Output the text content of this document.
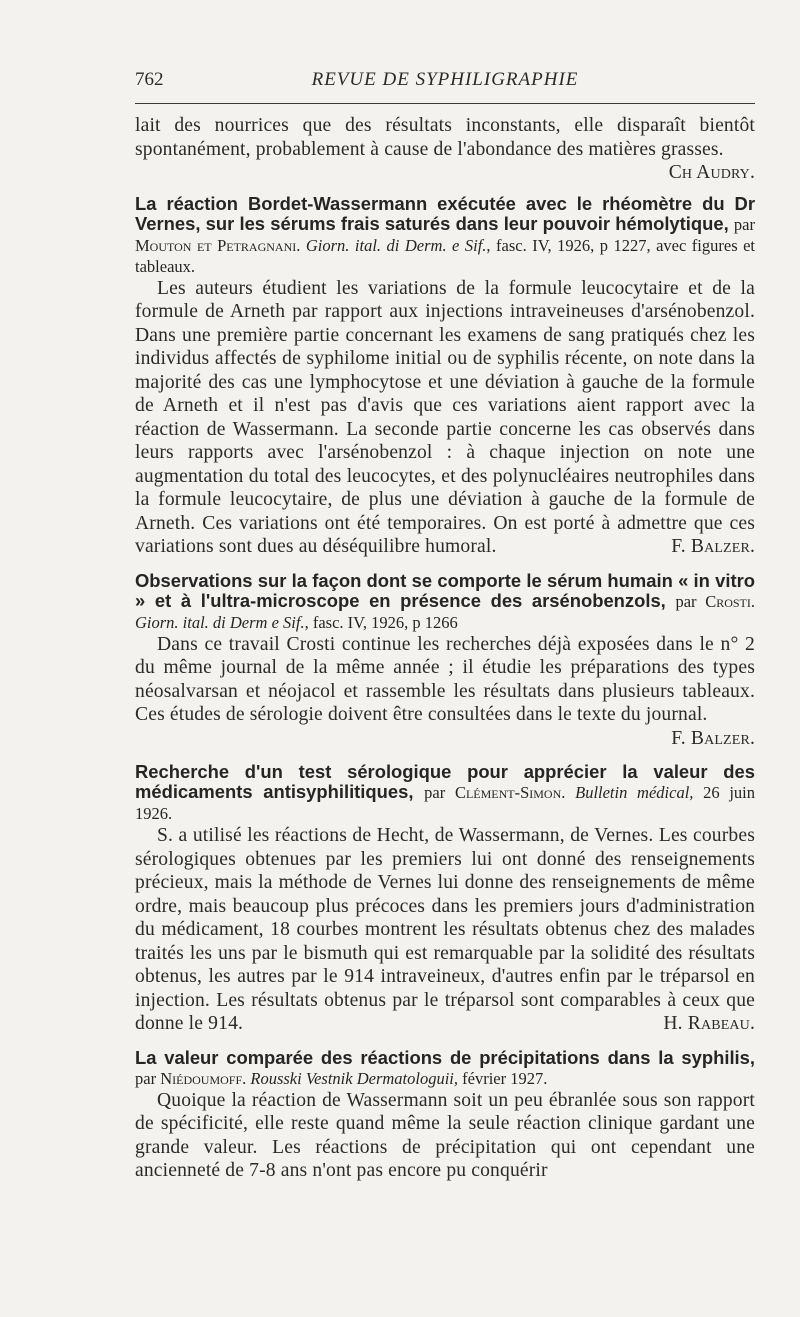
762	REVUE DE SYPHILIGRAPHIE

lait des nourrices que des résultats inconstants, elle disparaît bientôt spontanément, probablement à cause de l'abondance des matières grasses.
Ch Audry.

La réaction Bordet-Wassermann exécutée avec le rhéomètre du Dr Vernes, sur les sérums frais saturés dans leur pouvoir hémolytique, par Mouton et Petragnani. Giorn. ital. di Derm. e Sif., fasc. IV, 1926, p 1227, avec figures et tableaux.

Les auteurs étudient les variations de la formule leucocytaire et de la formule de Arneth par rapport aux injections intraveineuses d'arsénobenzol. Dans une première partie concernant les examens de sang pratiqués chez les individus affectés de syphilome initial ou de syphilis récente, on note dans la majorité des cas une lymphocytose et une déviation à gauche de la formule de Arneth et il n'est pas d'avis que ces variations aient rapport avec la réaction de Wassermann. La seconde partie concerne les cas observés dans leurs rapports avec l'arsénobenzol : à chaque injection on note une augmentation du total des leucocytes, et des polynucléaires neutrophiles dans la formule leucocytaire, de plus une déviation à gauche de la formule de Arneth. Ces variations ont été temporaires. On est porté à admettre que ces variations sont dues au déséquilibre humoral.	F. Balzer.

Observations sur la façon dont se comporte le sérum humain « in vitro » et à l'ultra-microscope en présence des arsénobenzols, par Crosti. Giorn. ital. di Derm e Sif., fasc. IV, 1926, p 1266

Dans ce travail Crosti continue les recherches déjà exposées dans le n° 2 du même journal de la même année ; il étudie les préparations des types néosalvarsan et néojacol et rassemble les résultats dans plusieurs tableaux. Ces études de sérologie doivent être consultées dans le texte du journal.
F. Balzer.

Recherche d'un test sérologique pour apprécier la valeur des médicaments antisyphilitiques, par Clément-Simon. Bulletin médical, 26 juin 1926.

S. a utilisé les réactions de Hecht, de Wassermann, de Vernes. Les courbes sérologiques obtenues par les premiers lui ont donné des renseignements précieux, mais la méthode de Vernes lui donne des renseignements de même ordre, mais beaucoup plus précoces dans les premiers jours d'administration du médicament, 18 courbes montrent les résultats obtenus chez des malades traités les uns par le bismuth qui est remarquable par la solidité des résultats obtenus, les autres par le 914 intraveineux, d'autres enfin par le tréparsol en injection. Les résultats obtenus par le tréparsol sont comparables à ceux que donne le 914.	H. Rabeau.

La valeur comparée des réactions de précipitations dans la syphilis, par Niédoumoff. Rousski Vestnik Dermatologuii, février 1927.

Quoique la réaction de Wassermann soit un peu ébranlée sous son rapport de spécificité, elle reste quand même la seule réaction clinique gardant une grande valeur. Les réactions de précipitation qui ont cependant une ancienneté de 7-8 ans n'ont pas encore pu conquérir
